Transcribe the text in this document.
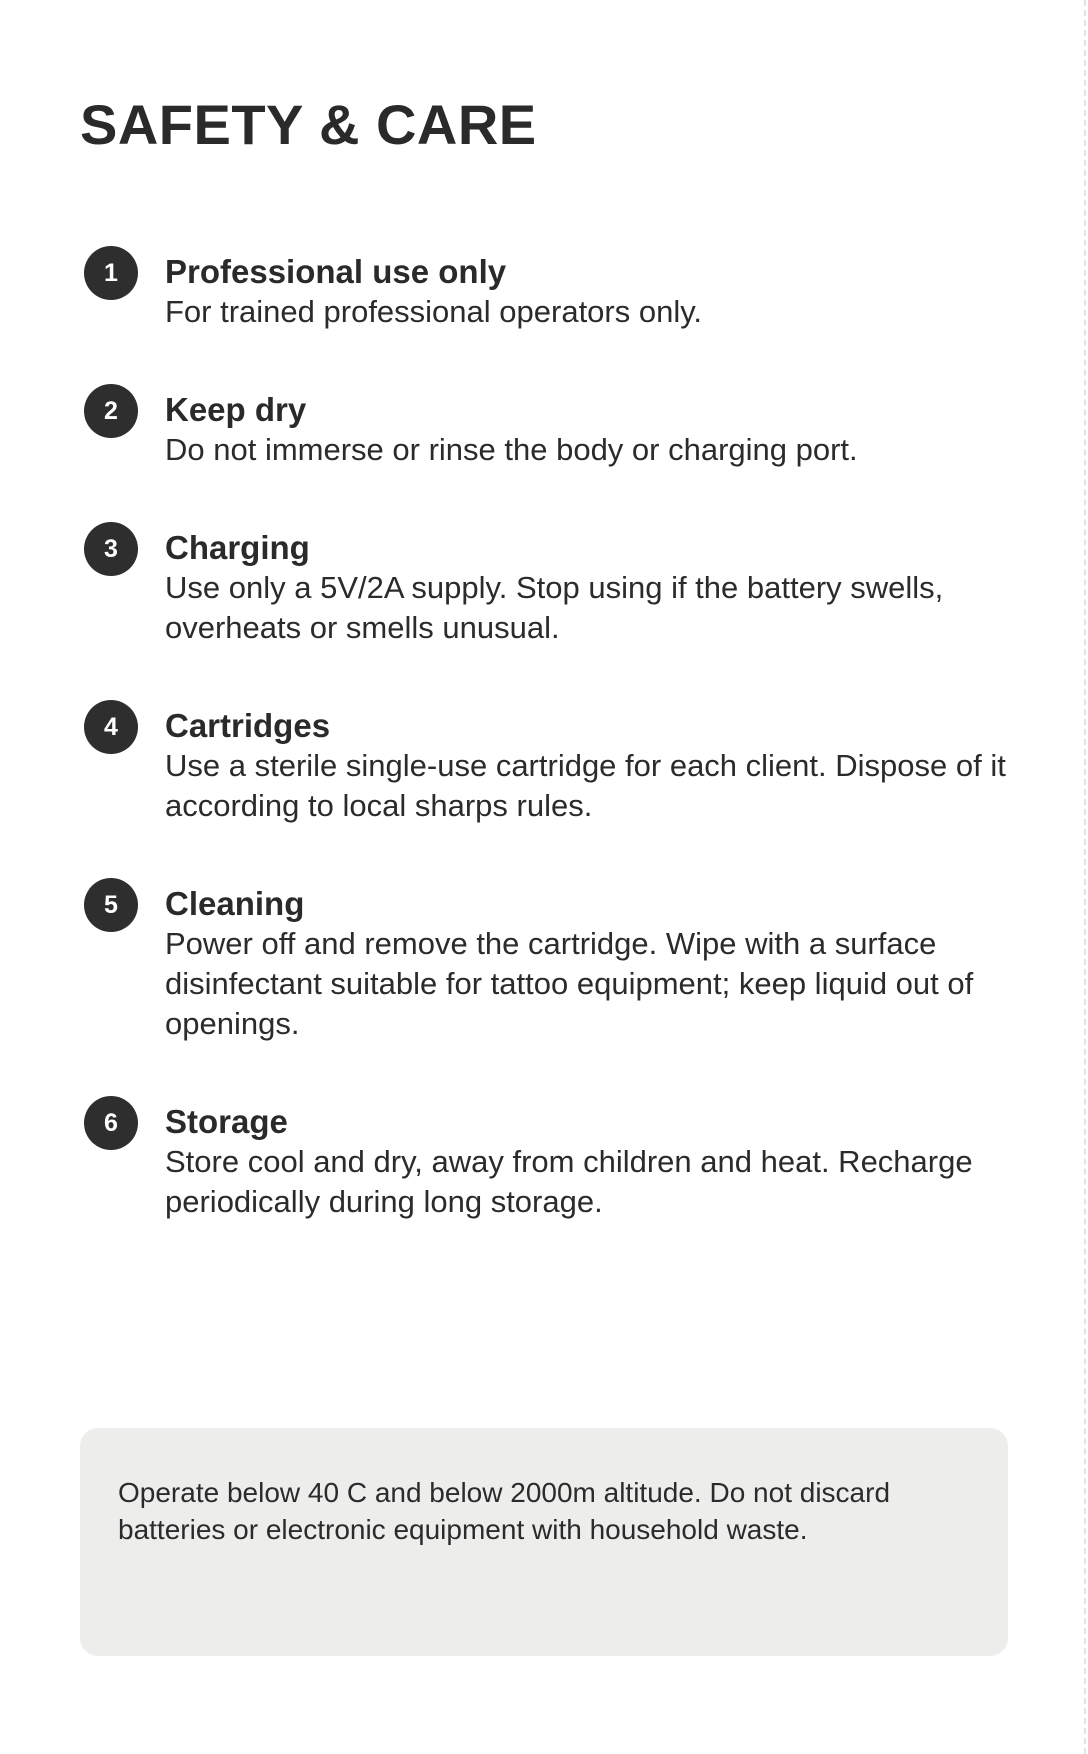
SAFETY & CARE
1	Professional use only
For trained professional operators only.
2	Keep dry
Do not immerse or rinse the body or charging port.
3	Charging
Use only a 5V/2A supply. Stop using if the battery swells, overheats or smells unusual.
4	Cartridges
Use a sterile single-use cartridge for each client. Dispose of it according to local sharps rules.
5	Cleaning
Power off and remove the cartridge. Wipe with a surface disinfectant suitable for tattoo equipment; keep liquid out of openings.
6	Storage
Store cool and dry, away from children and heat. Recharge periodically during long storage.
Operate below 40 C and below 2000m altitude. Do not discard batteries or electronic equipment with household waste.
